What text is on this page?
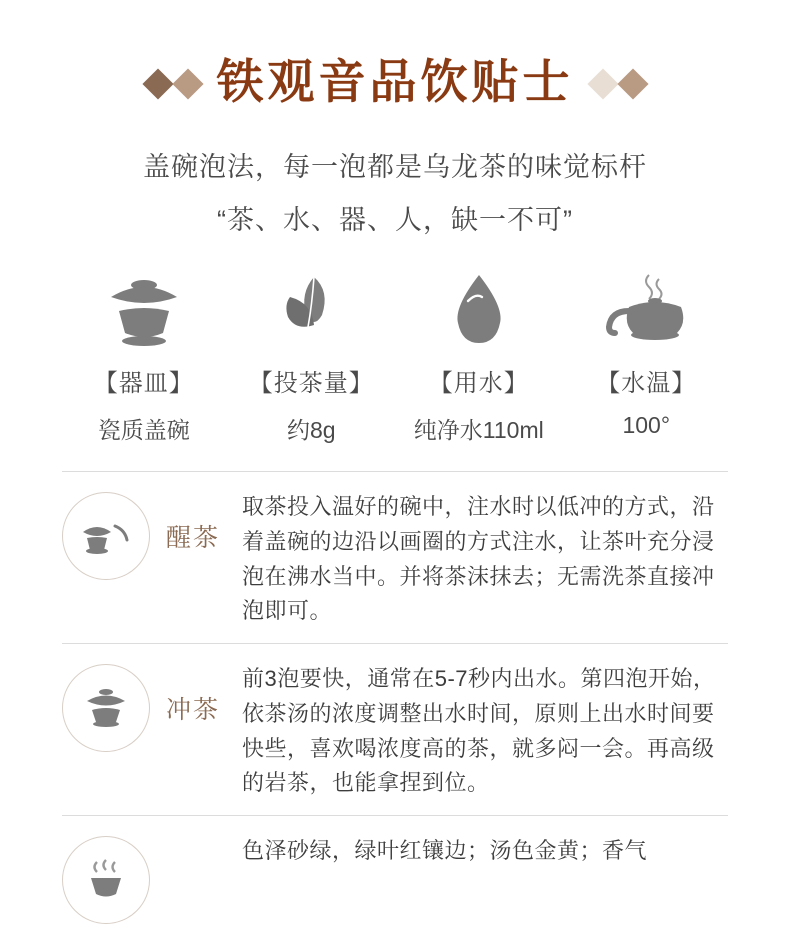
铁观音品饮贴士
盖碗泡法，每一泡都是乌龙茶的味觉标杆
“茶、水、器、人，缺一不可”
【器皿】
瓷质盖碗
【投茶量】
约8g
【用水】
纯净水110ml
【水温】
100°
醒茶
取茶投入温好的碗中，注水时以低冲的方式，沿着盖碗的边沿以画圈的方式注水，让茶叶充分浸泡在沸水当中。并将茶沫抹去；无需洗茶直接冲泡即可。
冲茶
前3泡要快，通常在5-7秒内出水。第四泡开始，依茶汤的浓度调整出水时间，原则上出水时间要快些，喜欢喝浓度高的茶，就多闷一会。再高级的岩茶，也能拿捏到位。
色泽砂绿，绿叶红镶边；汤色金黄；香气
